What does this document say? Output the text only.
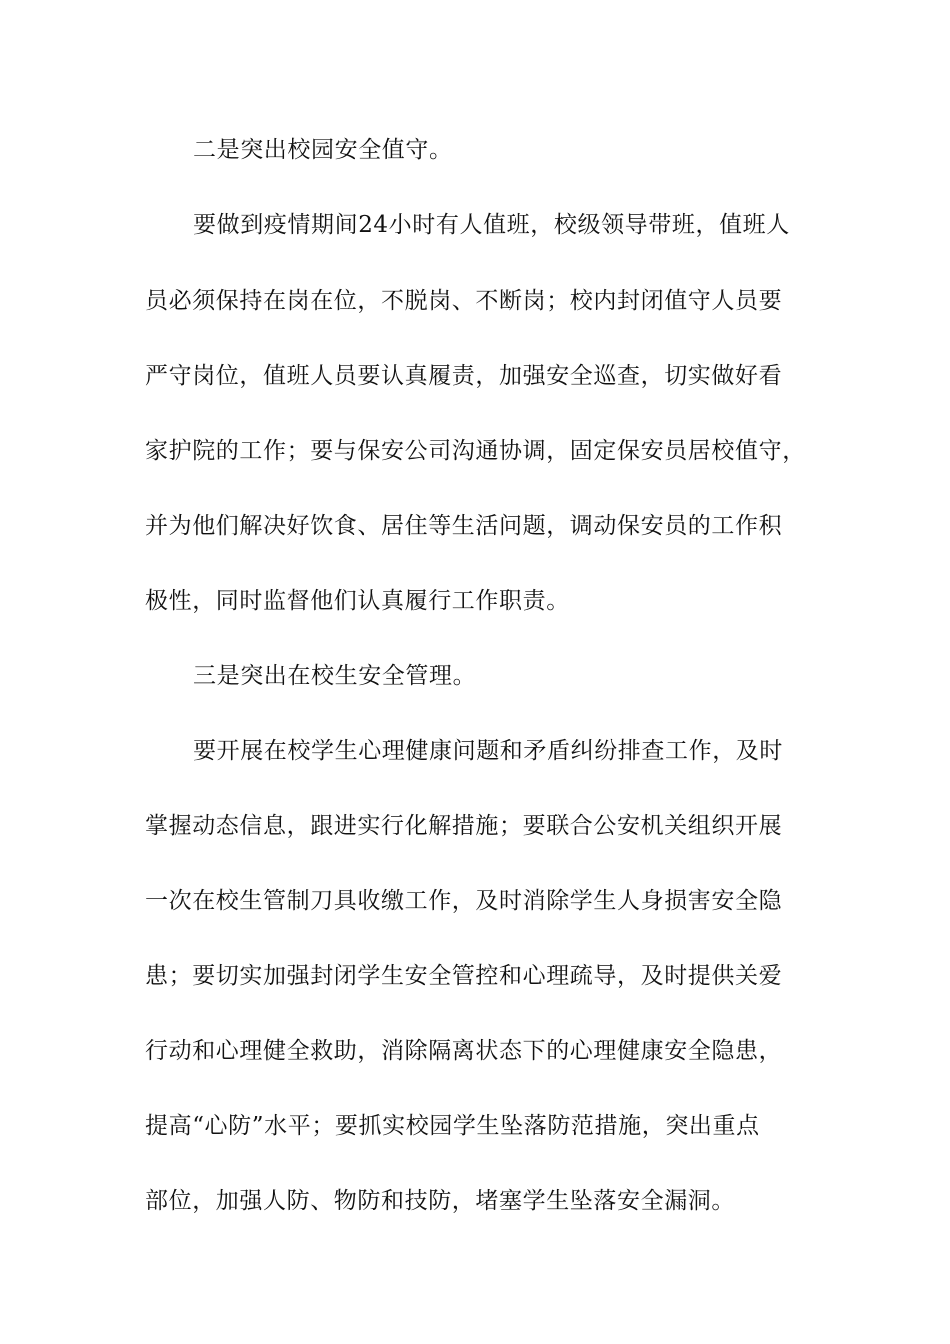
二是突出校园安全值守。
要做到疫情期间24小时有人值班，校级领导带班，值班人
员必须保持在岗在位，不脱岗、不断岗；校内封闭值守人员要
严守岗位，值班人员要认真履责，加强安全巡查，切实做好看
家护院的工作；要与保安公司沟通协调，固定保安员居校值守，
并为他们解决好饮食、居住等生活问题，调动保安员的工作积
极性，同时监督他们认真履行工作职责。
三是突出在校生安全管理。
要开展在校学生心理健康问题和矛盾纠纷排查工作，及时
掌握动态信息，跟进实行化解措施；要联合公安机关组织开展
一次在校生管制刀具收缴工作，及时消除学生人身损害安全隐
患；要切实加强封闭学生安全管控和心理疏导，及时提供关爱
行动和心理健全救助，消除隔离状态下的心理健康安全隐患，
提高“心防”水平；要抓实校园学生坠落防范措施，突出重点
部位，加强人防、物防和技防，堵塞学生坠落安全漏洞。
